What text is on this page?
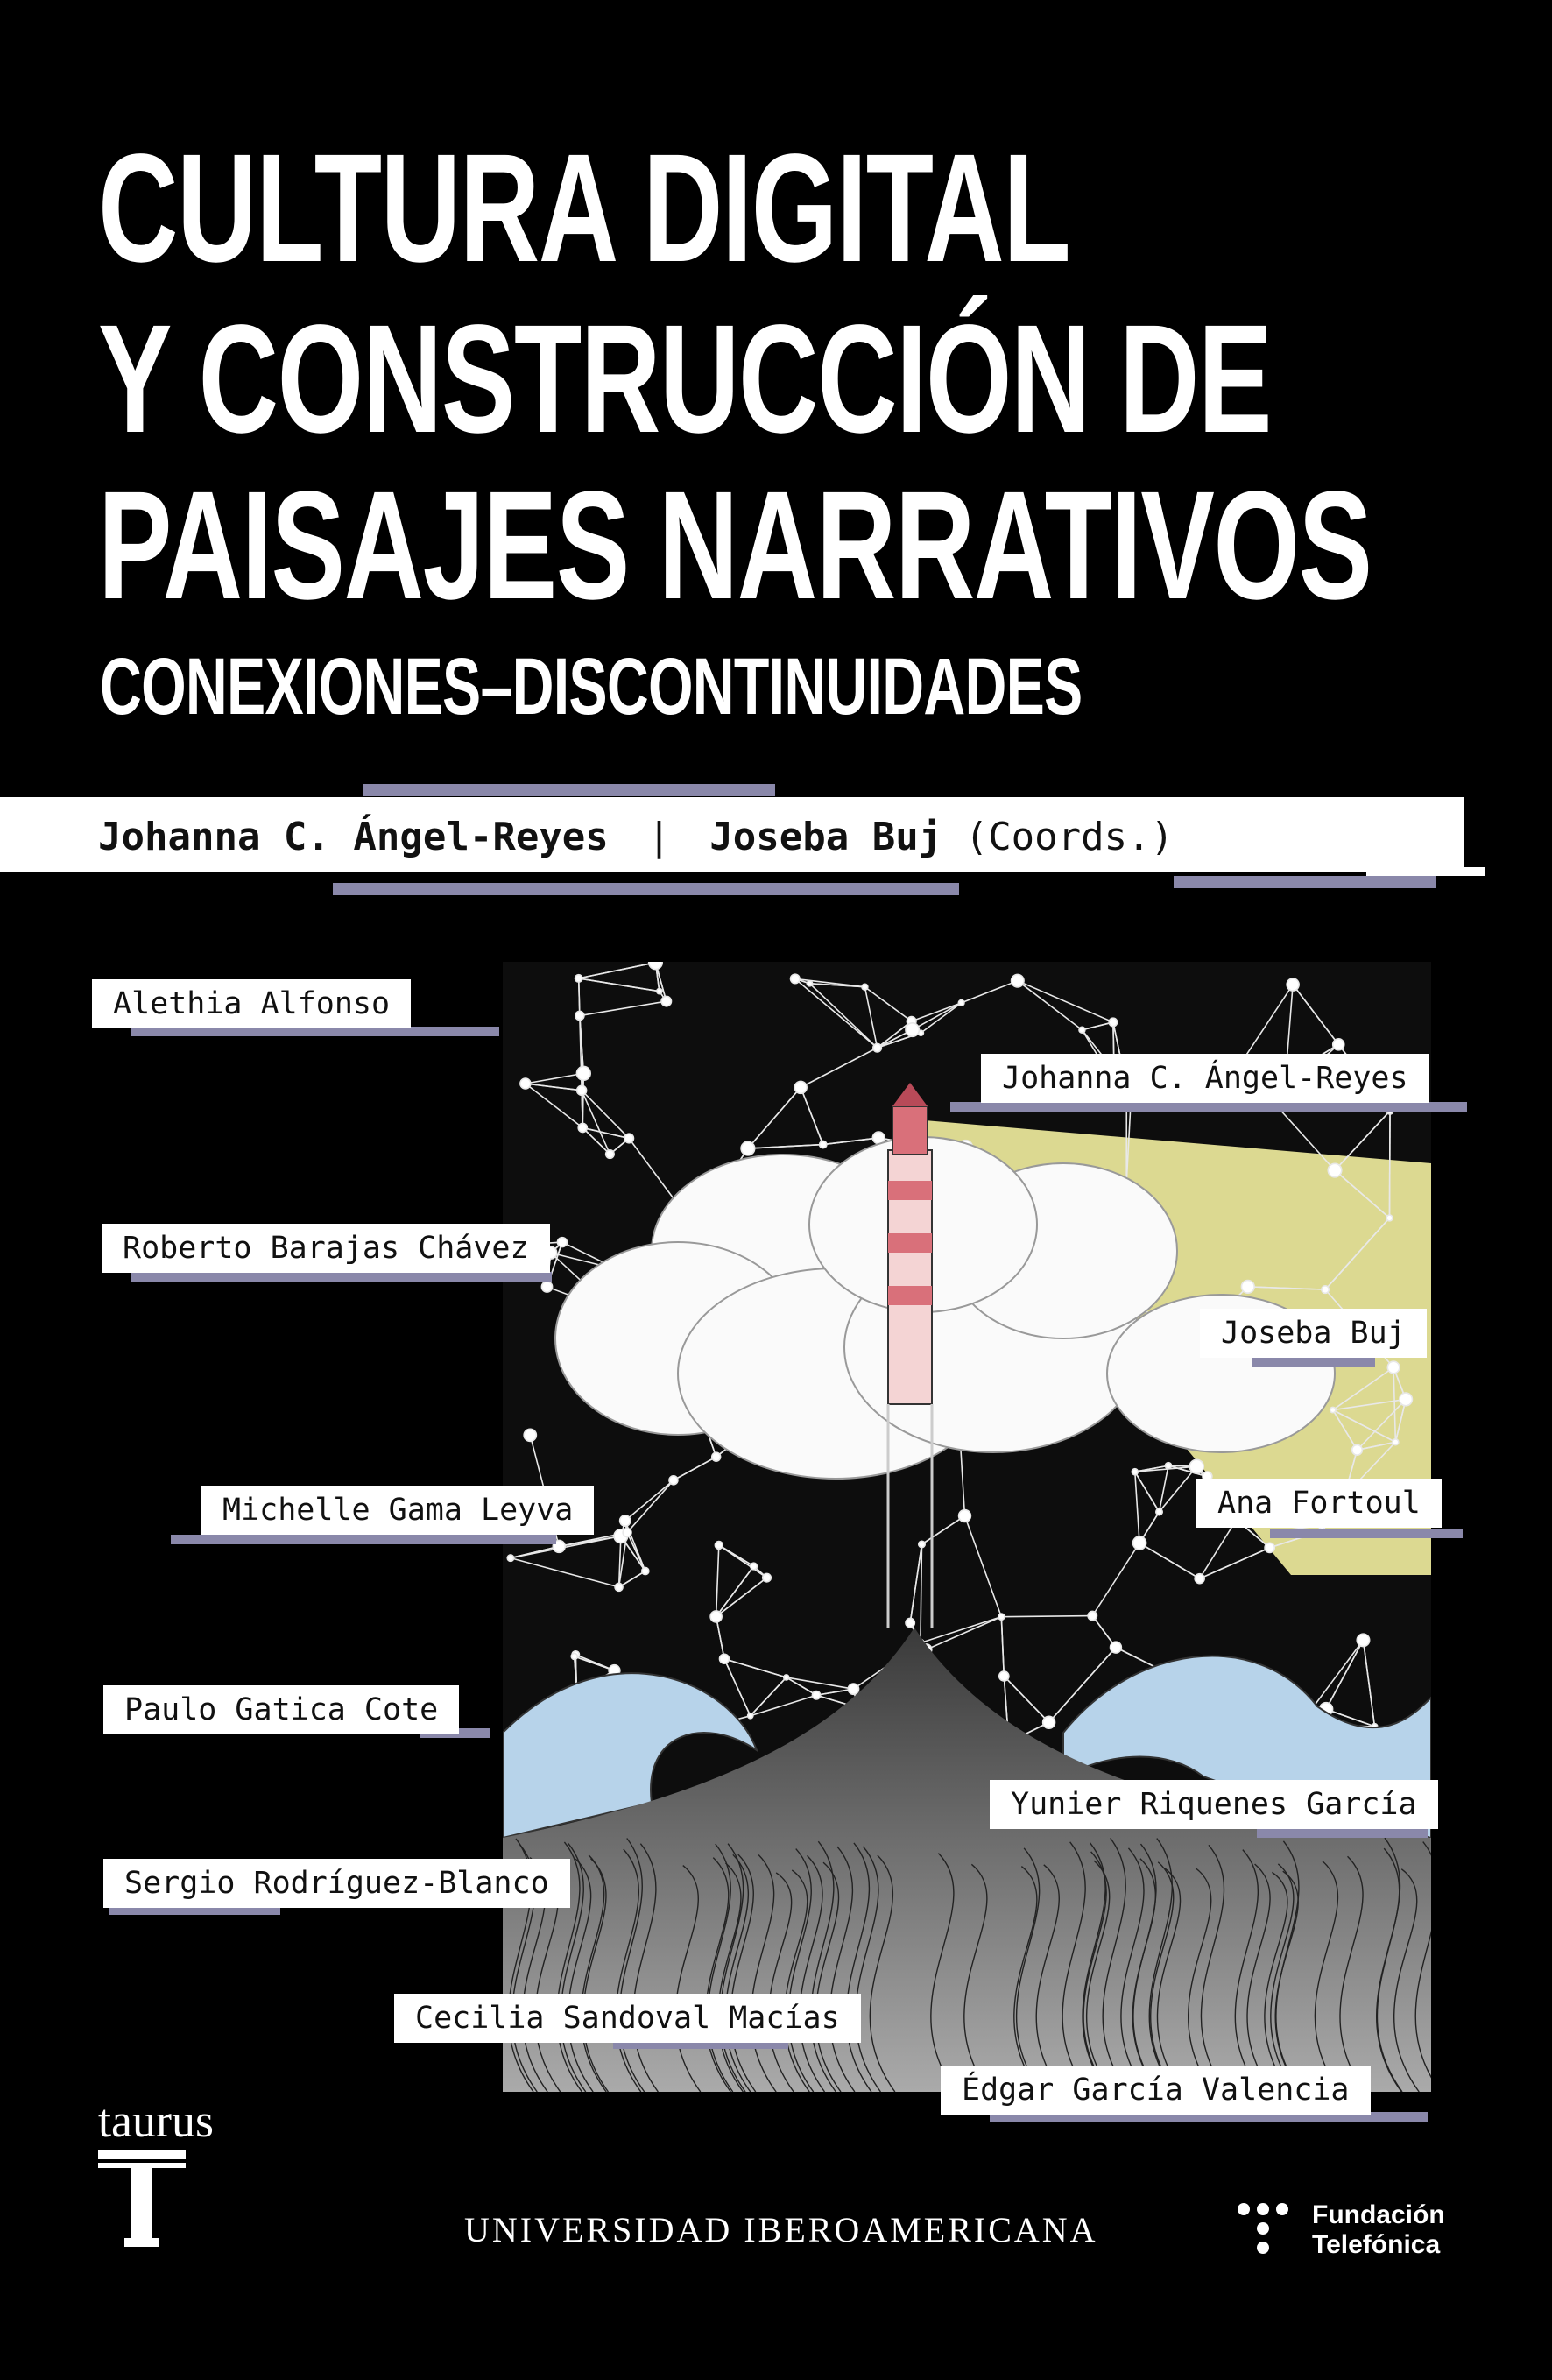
CULTURA DIGITAL
Y CONSTRUCCIÓN DE
PAISAJES NARRATIVOS
CONEXIONES–DISCONTINUIDADES
Johanna C. Ángel-Reyes | Joseba Buj (Coords.)
Alethia Alfonso
Johanna C. Ángel-Reyes
Roberto Barajas Chávez
Joseba Buj
Michelle Gama Leyva	Ana Fortoul
Paulo Gatica Cote
Yunier Riquenes García
Sergio Rodríguez-Blanco
Cecilia Sandoval Macías
Édgar García Valencia
taurus
UNIVERSIDAD IBEROAMERICANA	Fundación
Telefónica
